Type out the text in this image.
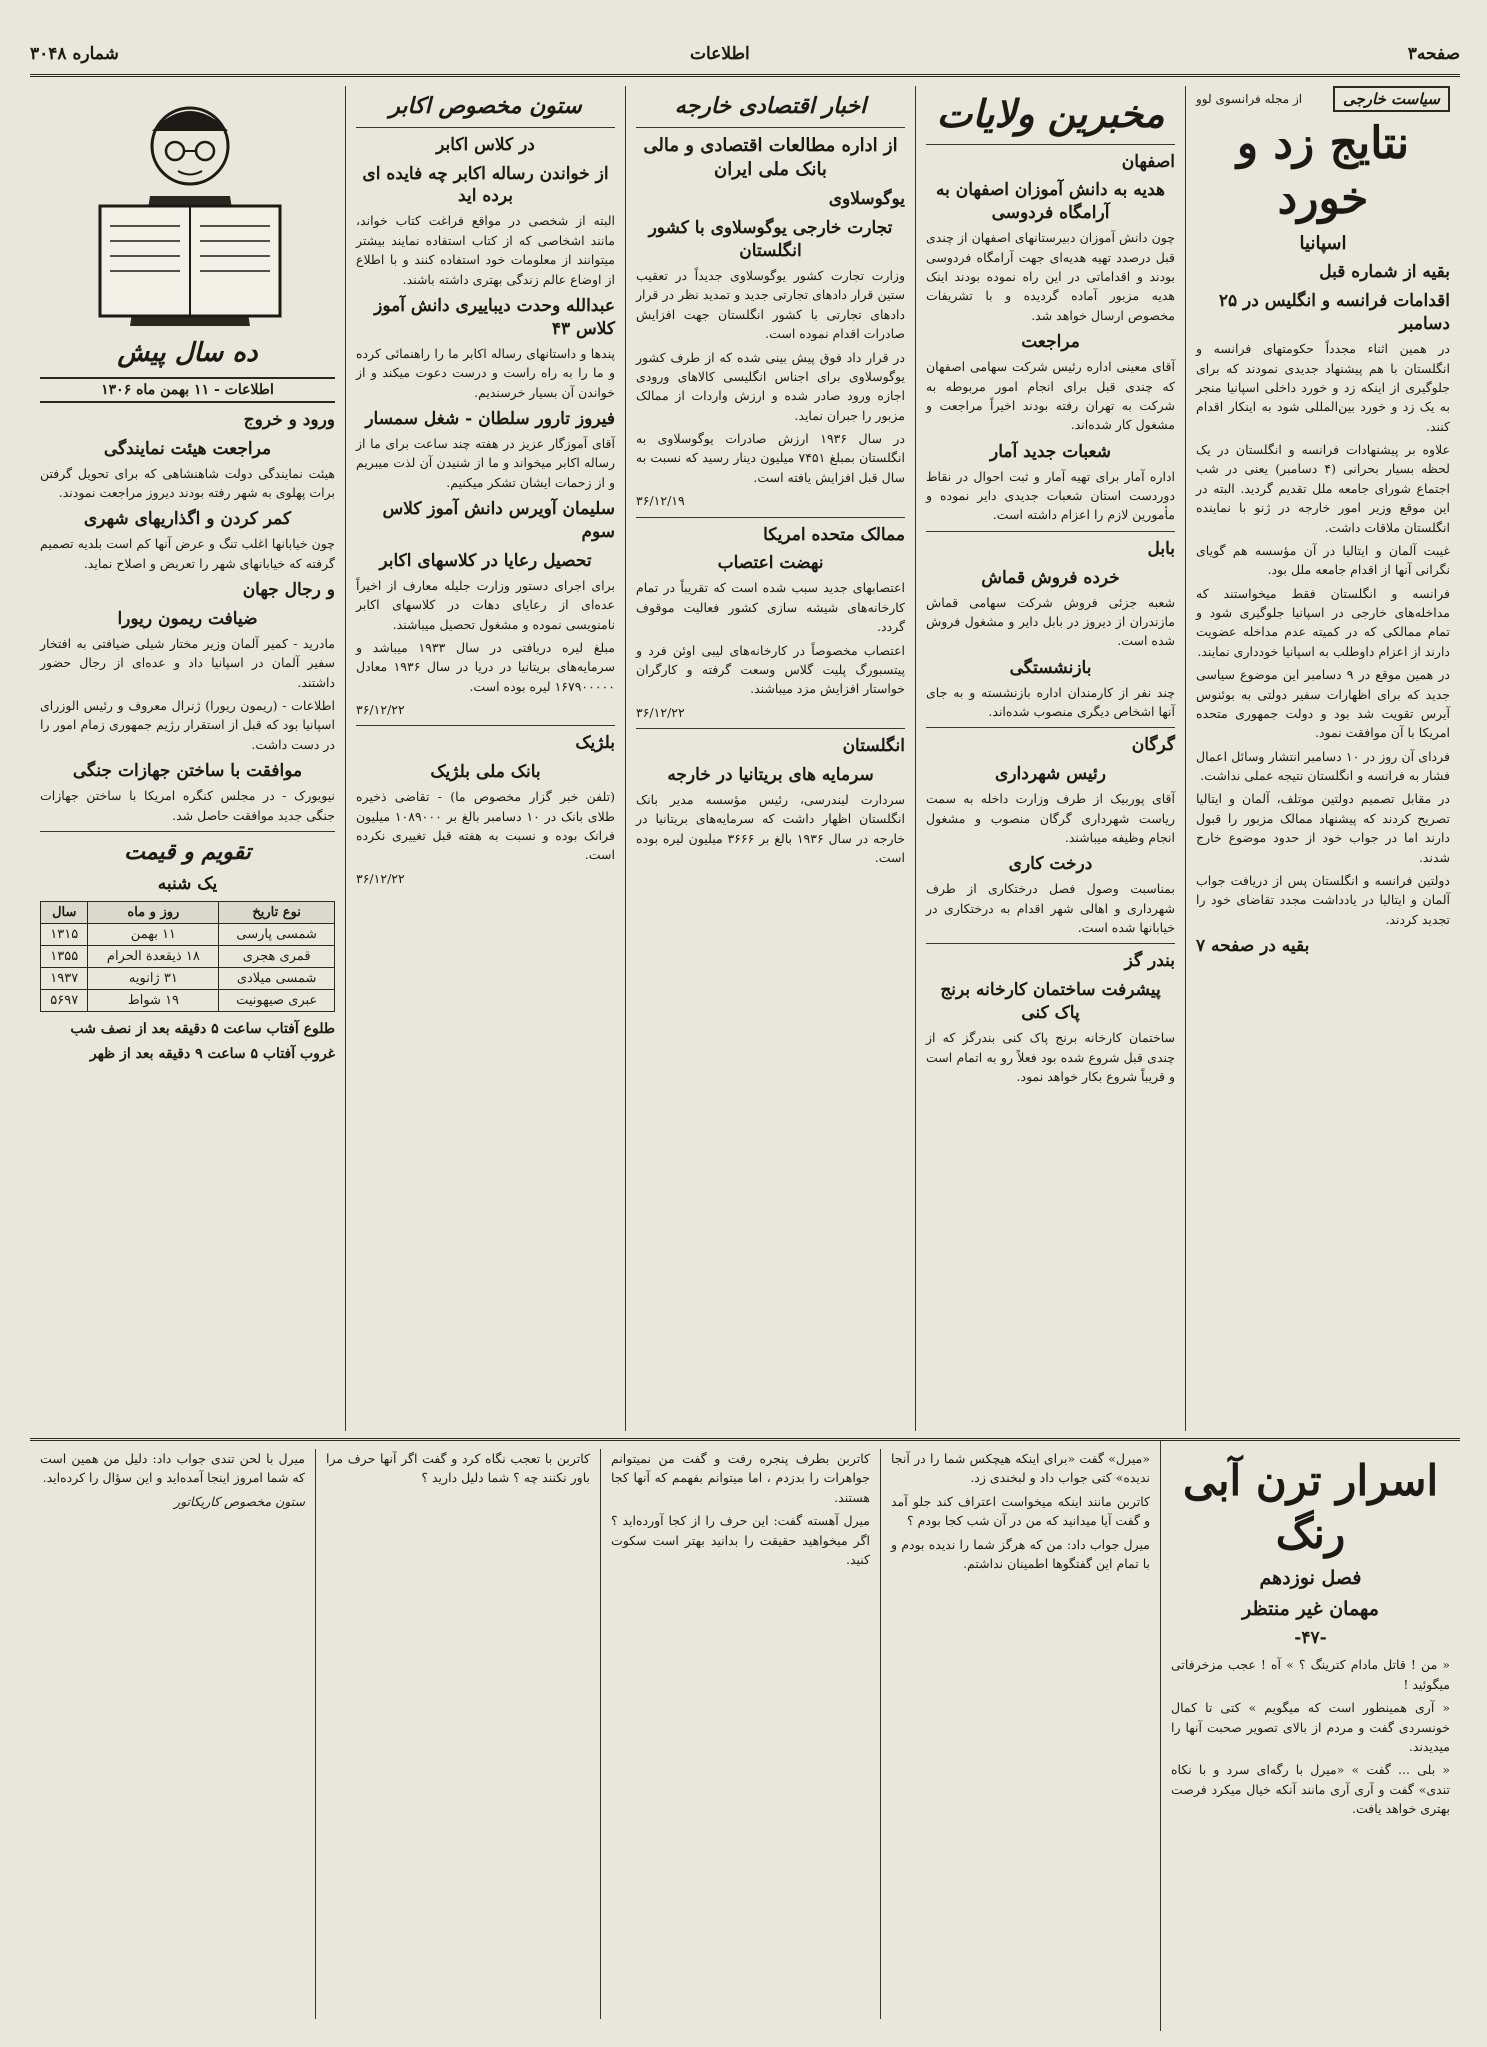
صفحه۳
اطلاعات
شماره ۳۰۴۸
سیاست خارجی
از مجله فرانسوی لوو
نتایج زد و خورد
اسپانیا
بقیه از شماره قبل
اقدامات فرانسه و انگلیس در ۲۵ دسامبر

در همین اثناء مجدداً حکومتهای فرانسه و انگلستان با هم پیشنهاد جدیدی نمودند که برای جلوگیری از اینکه زد و خورد داخلی اسپانیا منجر به یک زد و خورد بین‌المللی شود به اینکار اقدام کنند.

علاوه بر پیشنهادات فرانسه و انگلستان در یک لحظه بسیار بحرانی (۴ دسامبر) یعنی در شب اجتماع شورای جامعه ملل تقدیم گردید. البته در این موقع وزیر امور خارجه در ژنو با نماینده انگلستان ملاقات داشت.

غیبت آلمان و ایتالیا در آن مؤسسه هم گویای نگرانی آنها از اقدام جامعه ملل بود.

فرانسه و انگلستان فقط میخواستند که مداخله‌های خارجی در اسپانیا جلوگیری شود و تمام ممالکی که در کمیته عدم مداخله عضویت دارند از اعزام داوطلب به اسپانیا خودداری نمایند.

در همین موقع در ۹ دسامبر این موضوع سیاسی جدید که برای اظهارات سفیر دولتی به بوئنوس آیرس تقویت شد بود و دولت جمهوری متحده امریکا با آن موافقت نمود.

فردای آن روز در ۱۰ دسامبر انتشار وسائل اعمال فشار به فرانسه و انگلستان نتیجه عملی نداشت.

در مقابل تصمیم دولتین موتلف، آلمان و ایتالیا تصریح کردند که پیشنهاد ممالک مزبور را قبول دارند اما در جواب خود از حدود موضوع خارج شدند.

دولتین فرانسه و انگلستان پس از دریافت جواب آلمان و ایتالیا در یادداشت مجدد تقاضای خود را تجدید کردند.

بقیه در صفحه ۷
مخبرین ولایات
اصفهان
هدیه به دانش آموزان اصفهان به آرامگاه فردوسی

چون دانش آموزان دبیرستانهای اصفهان از چندی قبل درصدد تهیه هدیه‌ای جهت آرامگاه فردوسی بودند و اقداماتی در این راه نموده بودند اینک هدیه مزبور آماده گردیده و با تشریفات مخصوص ارسال خواهد شد.

مراجعت

آقای معینی اداره رئیس شرکت سهامی اصفهان که چندی قبل برای انجام امور مربوطه به شرکت به تهران رفته بودند اخیراً مراجعت و مشغول کار شده‌اند.

شعبات جدید آمار

اداره آمار برای تهیه آمار و ثبت احوال در نقاط دوردست استان شعبات جدیدی دایر نموده و مأمورین لازم را اعزام داشته است.

بابل
خرده فروش قماش

شعبه جزئی فروش شرکت سهامی قماش مازندران از دیروز در بابل دایر و مشغول فروش شده است.

بازنشستگی

چند نفر از کارمندان اداره بازنشسته و به جای آنها اشخاص دیگری منصوب شده‌اند.

گرگان
رئیس شهرداری

آقای پوربیک از طرف وزارت داخله به سمت ریاست شهرداری گرگان منصوب و مشغول انجام وظیفه میباشند.

درخت کاری

بمناسبت وصول فصل درختکاری از طرف شهرداری و اهالی شهر اقدام به درختکاری در خیابانها شده است.

بندر گز
پیشرفت ساختمان کارخانه برنج پاک کنی

ساختمان کارخانه برنج پاک کنی بندرگز که از چندی قبل شروع شده بود فعلاً رو به اتمام است و قریباً شروع بکار خواهد نمود.

اخبار اقتصادی خارجه
از اداره مطالعات اقتصادی و مالی بانک ملی ایران
یوگوسلاوی
تجارت خارجی یوگوسلاوی با کشور انگلستان

وزارت تجارت کشور یوگوسلاوی جدیداً در تعقیب ستین قرار دادهای تجارتی جدید و تمدید نظر در قرار دادهای تجارتی با کشور انگلستان جهت افزایش صادرات اقدام نموده است.

در قرار داد فوق پیش بینی شده که از طرف کشور یوگوسلاوی برای اجناس انگلیسی کالاهای ورودی اجازه ورود صادر شده و ارزش واردات از ممالک مزبور را جبران نماید.

در سال ۱۹۳۶ ارزش صادرات یوگوسلاوی به انگلستان بمبلغ ۷۴۵۱ میلیون دینار رسید که نسبت به سال قبل افزایش یافته است.

۳۶/۱۲/۱۹
ممالک متحده امریکا
نهضت اعتصاب

اعتصابهای جدید سبب شده است که تقریباً در تمام کارخانه‌های شیشه سازی کشور فعالیت موقوف گردد.

اعتصاب مخصوصاً در کارخانه‌های لیبی اوئن فرد و پیتسبورگ پلیت گلاس وسعت گرفته و کارگران خواستار افزایش مزد میباشند.

۳۶/۱۲/۲۲
انگلستان
سرمایه های بریتانیا در خارجه

سردارت لیندرسی، رئیس مؤسسه مدیر بانک انگلستان اظهار داشت که سرمایه‌های بریتانیا در خارجه در سال ۱۹۳۶ بالغ بر ۳۶۶۶ میلیون لیره بوده است.

ستون مخصوص اکابر
در کلاس اکابر
از خواندن رساله اکابر چه فایده ای برده اید

البته از شخصی در مواقع فراغت کتاب خواند، مانند اشخاصی که از کتاب استفاده نمایند بیشتر میتوانند از معلومات خود استفاده کنند و با اطلاع از اوضاع عالم زندگی بهتری داشته باشند.

عبدالله وحدت دیباییری دانش آموز کلاس ۴۳

پندها و داستانهای رساله اکابر ما را راهنمائی کرده و ما را به راه راست و درست دعوت میکند و از خواندن آن بسیار خرسندیم.

فیروز تارور سلطان - شغل سمسار

آقای آموزگار عزیز در هفته چند ساعت برای ما از رساله اکابر میخواند و ما از شنیدن آن لذت میبریم و از زحمات ایشان تشکر میکنیم.

سلیمان آویرس دانش آموز کلاس سوم
تحصیل رعایا در کلاسهای اکابر

برای اجرای دستور وزارت جلیله معارف از اخیراً عده‌ای از رعایای دهات در کلاسهای اکابر نامنویسی نموده و مشغول تحصیل میباشند.

مبلغ لیره دریافتی در سال ۱۹۳۳ میباشد و سرمایه‌های بریتانیا در دریا در سال ۱۹۳۶ معادل ۱۶۷۹۰۰۰۰۰ لیره بوده است.

۳۶/۱۲/۲۲
بلژیک
بانک ملی بلژیک

(تلفن خبر گزار مخصوص ما) - تقاضی ذخیره طلای بانک در ۱۰ دسامبر بالغ بر ۱۰۸۹۰۰۰ میلیون فرانک بوده و نسبت به هفته قبل تغییری نکرده است.

۳۶/۱۲/۲۲
ده سال پیش
اطلاعات - ۱۱ بهمن ماه ۱۳۰۶
ورود و خروج
مراجعت هیئت نمایندگی

هیئت نمایندگی دولت شاهنشاهی که برای تحویل گرفتن برات پهلوی به شهر رفته بودند دیروز مراجعت نمودند.

کمر کردن و اگذاریهای شهری

چون خیابانها اغلب تنگ و عرض آنها کم است بلدیه تصمیم گرفته که خیابانهای شهر را تعریض و اصلاح نماید.

و رجال جهان
ضیافت ریمون ریورا

مادرید - کمیر آلمان وزیر مختار شیلی ضیافتی به افتخار سفیر آلمان در اسپانیا داد و عده‌ای از رجال حضور داشتند.

اطلاعات - (ریمون ریورا) ژنرال معروف و رئیس الوزرای اسپانیا بود که قبل از استقرار رژیم جمهوری زمام امور را در دست داشت.

موافقت با ساختن جهازات جنگی

نیویورک - در مجلس کنگره امریکا با ساختن جهازات جنگی جدید موافقت حاصل شد.

تقویم و قیمت
یک شنبه
نوع تاریخ	روز و ماه	سال
شمسی پارسی	۱۱ بهمن	۱۳۱۵
قمری هجری	۱۸ ذیقعدة الحرام	۱۳۵۵
شمسی میلادی	۳۱ ژانویه	۱۹۳۷
عبری صیهونیت	۱۹ شواط	۵۶۹۷
طلوع آفتاب ساعت ۵ دقیقه بعد از نصف شب
غروب آفتاب ۵ ساعت ۹ دقیقه بعد از ظهر
اسرار ترن آبی رنگ
فصل نوزدهم
مهمان غیر منتظر
-۴۷-

« من ! قاتل مادام کترینگ ؟ » آه ! عجب مزخرفاتی میگوئید !

« آری همینطور است که میگویم » کتی تا کمال خونسردی گفت و مردم از بالای تصویر صحبت آنها را میدیدند.

« بلی ... گفت » «میرل با رگه‌ای سرد و با نکاه تندی» گفت و آری آری مانند آنکه خیال میکرد فرصت بهتری خواهد یافت.

«میرل» گفت «برای اینکه هیچکس شما را در آنجا ندیده» کتی جواب داد و لبخندی زد.

کاتربن مانند اینکه میخواست اعتراف کند جلو آمد و گفت آیا میدانید که من در آن شب کجا بودم ؟

میرل جواب داد: من که هرگز شما را ندیده بودم و با تمام این گفتگوها اطمینان نداشتم.

کاتربن بطرف پنجره رفت و گفت من نمیتوانم جواهرات را بدزدم ، اما میتوانم بفهمم که آنها کجا هستند.

میرل آهسته گفت: این حرف را از کجا آورده‌اید ؟ اگر میخواهید حقیقت را بدانید بهتر است سکوت کنید.

کاتربن با تعجب نگاه کرد و گفت اگر آنها حرف مرا باور نکنند چه ؟ شما دلیل دارید ؟

میرل با لحن تندی جواب داد: دلیل من همین است که شما امروز اینجا آمده‌اید و این سؤال را کرده‌اید.

ستون مخصوص کاریکاتور
